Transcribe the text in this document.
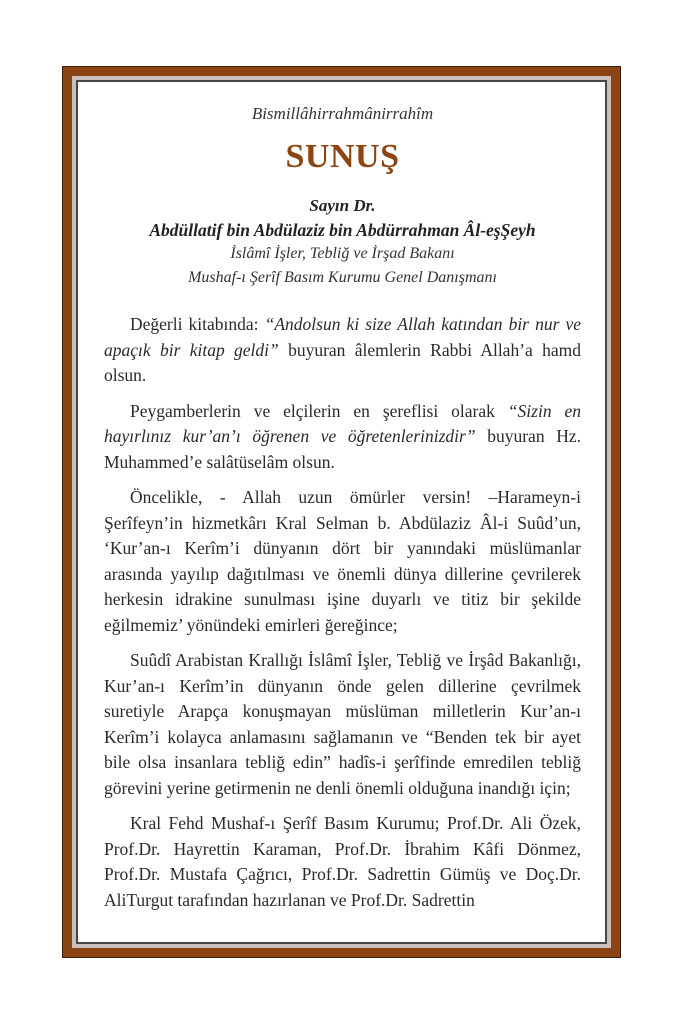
Bismillâhirrahmânirrahîm
SUNUŞ
Sayın Dr.
Abdüllatif bin Abdülaziz bin Abdürrahman Âl-eşŞeyh
İslâmî İşler, Tebliğ ve İrşad Bakanı
Mushaf-ı Şerîf Basım Kurumu Genel Danışmanı

Değerli kitabında: “Andolsun ki size Allah katından bir nur ve apaçık bir kitap geldi” buyuran âlemlerin Rabbi Allah’a hamd olsun.

Peygamberlerin ve elçilerin en şereflisi olarak “Sizin en hayırlınız kur’an’ı öğrenen ve öğretenlerinizdir” buyuran Hz. Muhammed’e salâtüselâm olsun.

Öncelikle, - Allah uzun ömürler versin! –Harameyn-i Şerîfeyn’in hizmetkârı Kral Selman b. Abdülaziz Âl-i Suûd’un, ‘Kur’an-ı Kerîm’i dünyanın dört bir yanındaki müslümanlar arasında yayılıp dağıtılması ve önemli dünya dillerine çevrilerek herkesin idrakine sunulması işine duyarlı ve titiz bir şekilde eğilmemiz’ yönündeki emirleri ğereğince;

Suûdî Arabistan Krallığı İslâmî İşler, Tebliğ ve İrşâd Bakanlığı, Kur’an-ı Kerîm’in dünyanın önde gelen dillerine çevrilmek suretiyle Arapça konuşmayan müslüman milletlerin Kur’an-ı Kerîm’i kolayca anlamasını sağlamanın ve “Benden tek bir ayet bile olsa insanlara tebliğ edin” hadîs-i şerîfinde emredilen tebliğ görevini yerine getirmenin ne denli önemli olduğuna inandığı için;

Kral Fehd Mushaf-ı Şerîf Basım Kurumu; Prof.Dr. Ali Özek, Prof.Dr. Hayrettin Karaman, Prof.Dr. İbrahim Kâfi Dönmez, Prof.Dr. Mustafa Çağrıcı, Prof.Dr. Sadrettin Gümüş ve Doç.Dr. AliTurgut tarafından hazırlanan ve Prof.Dr. Sadrettin
